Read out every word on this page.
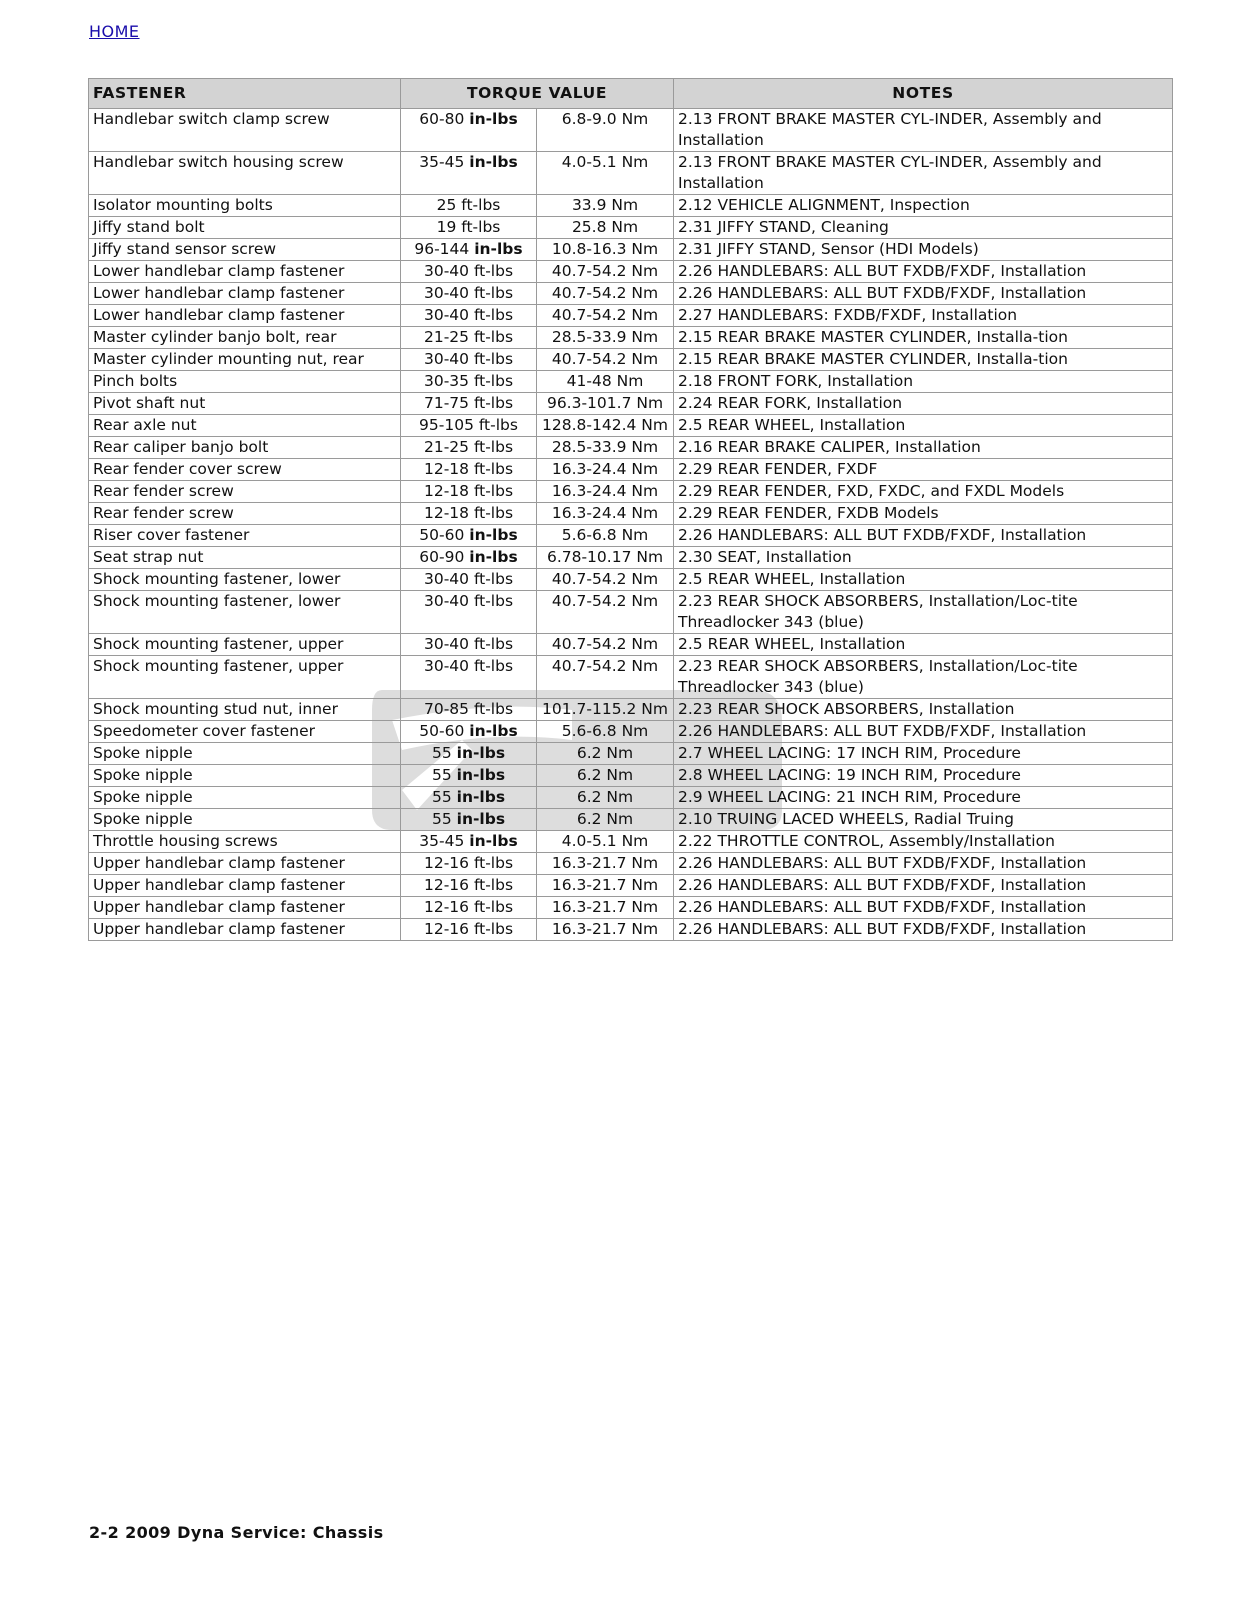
HOME
FASTENER	TORQUE VALUE		NOTES
Handlebar switch clamp screw	60-80 in-lbs	6.8-9.0 Nm	2.13 FRONT BRAKE MASTER CYL-INDER, Assembly and Installation
Handlebar switch housing screw	35-45 in-lbs	4.0-5.1 Nm	2.13 FRONT BRAKE MASTER CYL-INDER, Assembly and Installation
Isolator mounting bolts	25 ft-lbs	33.9 Nm	2.12 VEHICLE ALIGNMENT, Inspection
Jiffy stand bolt	19 ft-lbs	25.8 Nm	2.31 JIFFY STAND, Cleaning
Jiffy stand sensor screw	96-144 in-lbs	10.8-16.3 Nm	2.31 JIFFY STAND, Sensor (HDI Models)
Lower handlebar clamp fastener	30-40 ft-lbs	40.7-54.2 Nm	2.26 HANDLEBARS: ALL BUT FXDB/FXDF, Installation
Lower handlebar clamp fastener	30-40 ft-lbs	40.7-54.2 Nm	2.26 HANDLEBARS: ALL BUT FXDB/FXDF, Installation
Lower handlebar clamp fastener	30-40 ft-lbs	40.7-54.2 Nm	2.27 HANDLEBARS: FXDB/FXDF, Installation
Master cylinder banjo bolt, rear	21-25 ft-lbs	28.5-33.9 Nm	2.15 REAR BRAKE MASTER CYLINDER, Installa-tion
Master cylinder mounting nut, rear	30-40 ft-lbs	40.7-54.2 Nm	2.15 REAR BRAKE MASTER CYLINDER, Installa-tion
Pinch bolts	30-35 ft-lbs	41-48 Nm	2.18 FRONT FORK, Installation
Pivot shaft nut	71-75 ft-lbs	96.3-101.7 Nm	2.24 REAR FORK, Installation
Rear axle nut	95-105 ft-lbs	128.8-142.4 Nm	2.5 REAR WHEEL, Installation
Rear caliper banjo bolt	21-25 ft-lbs	28.5-33.9 Nm	2.16 REAR BRAKE CALIPER, Installation
Rear fender cover screw	12-18 ft-lbs	16.3-24.4 Nm	2.29 REAR FENDER, FXDF
Rear fender screw	12-18 ft-lbs	16.3-24.4 Nm	2.29 REAR FENDER, FXD, FXDC, and FXDL Models
Rear fender screw	12-18 ft-lbs	16.3-24.4 Nm	2.29 REAR FENDER, FXDB Models
Riser cover fastener	50-60 in-lbs	5.6-6.8 Nm	2.26 HANDLEBARS: ALL BUT FXDB/FXDF, Installation
Seat strap nut	60-90 in-lbs	6.78-10.17 Nm	2.30 SEAT, Installation
Shock mounting fastener, lower	30-40 ft-lbs	40.7-54.2 Nm	2.5 REAR WHEEL, Installation
Shock mounting fastener, lower	30-40 ft-lbs	40.7-54.2 Nm	2.23 REAR SHOCK ABSORBERS, Installation/Loc-tite Threadlocker 343 (blue)
Shock mounting fastener, upper	30-40 ft-lbs	40.7-54.2 Nm	2.5 REAR WHEEL, Installation
Shock mounting fastener, upper	30-40 ft-lbs	40.7-54.2 Nm	2.23 REAR SHOCK ABSORBERS, Installation/Loc-tite Threadlocker 343 (blue)
Shock mounting stud nut, inner	70-85 ft-lbs	101.7-115.2 Nm	2.23 REAR SHOCK ABSORBERS, Installation
Speedometer cover fastener	50-60 in-lbs	5.6-6.8 Nm	2.26 HANDLEBARS: ALL BUT FXDB/FXDF, Installation
Spoke nipple	55 in-lbs	6.2 Nm	2.7 WHEEL LACING: 17 INCH RIM, Procedure
Spoke nipple	55 in-lbs	6.2 Nm	2.8 WHEEL LACING: 19 INCH RIM, Procedure
Spoke nipple	55 in-lbs	6.2 Nm	2.9 WHEEL LACING: 21 INCH RIM, Procedure
Spoke nipple	55 in-lbs	6.2 Nm	2.10 TRUING LACED WHEELS, Radial Truing
Throttle housing screws	35-45 in-lbs	4.0-5.1 Nm	2.22 THROTTLE CONTROL, Assembly/Installation
Upper handlebar clamp fastener	12-16 ft-lbs	16.3-21.7 Nm	2.26 HANDLEBARS: ALL BUT FXDB/FXDF, Installation
Upper handlebar clamp fastener	12-16 ft-lbs	16.3-21.7 Nm	2.26 HANDLEBARS: ALL BUT FXDB/FXDF, Installation
Upper handlebar clamp fastener	12-16 ft-lbs	16.3-21.7 Nm	2.26 HANDLEBARS: ALL BUT FXDB/FXDF, Installation
Upper handlebar clamp fastener	12-16 ft-lbs	16.3-21.7 Nm	2.26 HANDLEBARS: ALL BUT FXDB/FXDF, Installation
2-2 2009 Dyna Service: Chassis
